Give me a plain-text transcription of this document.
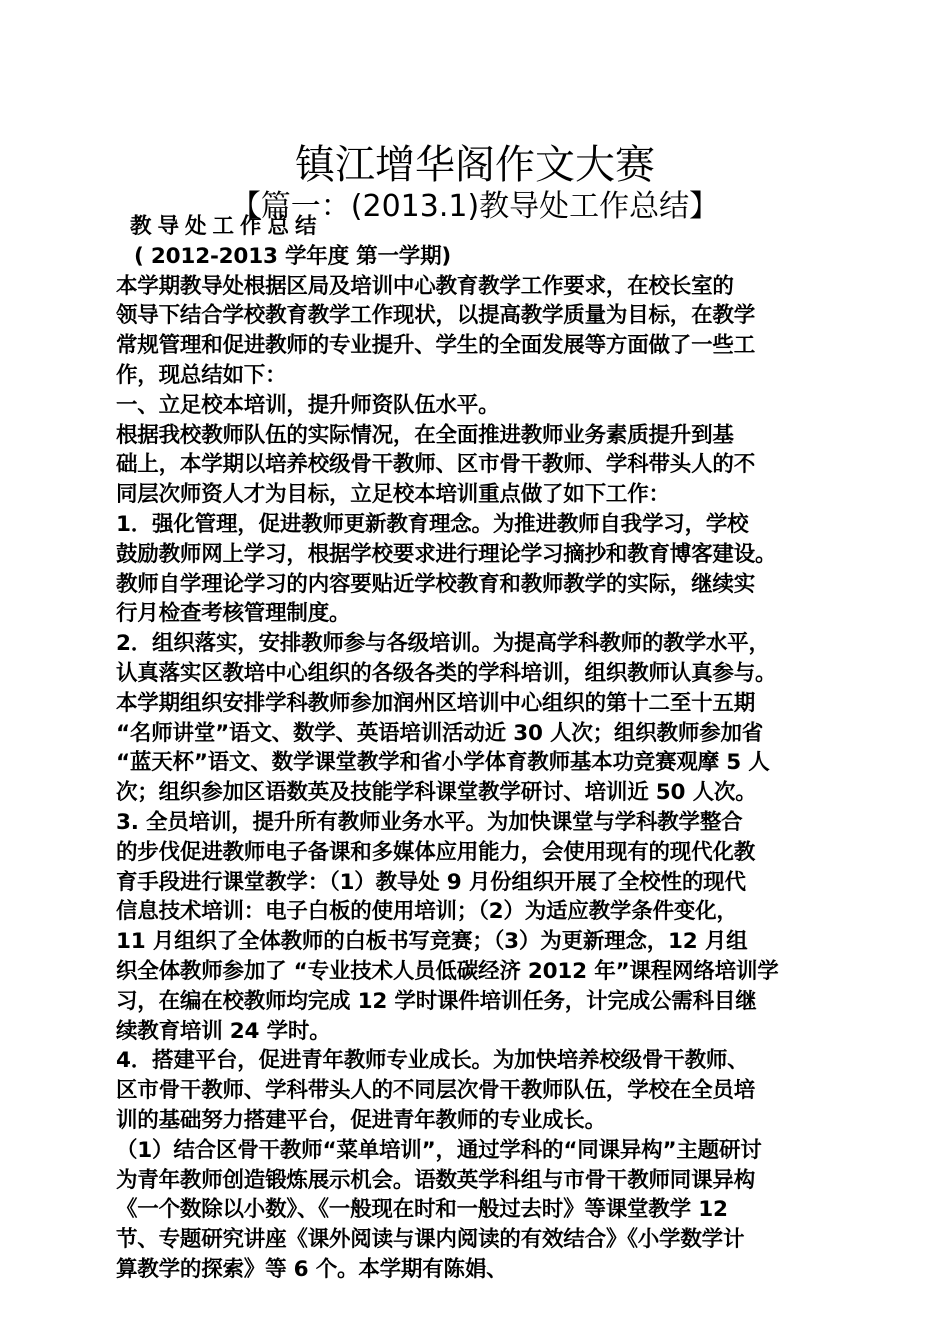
镇江增华阁作文大赛
【篇一：(2013.1)教导处工作总结】

教导处工作总结

( 2012-2013 学年度 第一学期)

本学期教导处根据区局及培训中心教育教学工作要求，在校长室的

领导下结合学校教育教学工作现状，以提高教学质量为目标，在教学

常规管理和促进教师的专业提升、学生的全面发展等方面做了一些工

作，现总结如下：

一、立足校本培训，提升师资队伍水平。

根据我校教师队伍的实际情况，在全面推进教师业务素质提升到基

础上，本学期以培养校级骨干教师、区市骨干教师、学科带头人的不

同层次师资人才为目标，立足校本培训重点做了如下工作：

1．强化管理，促进教师更新教育理念。为推进教师自我学习，学校

鼓励教师网上学习，根据学校要求进行理论学习摘抄和教育博客建设。

教师自学理论学习的内容要贴近学校教育和教师教学的实际，继续实

行月检查考核管理制度。

2．组织落实，安排教师参与各级培训。为提高学科教师的教学水平，

认真落实区教培中心组织的各级各类的学科培训，组织教师认真参与。

本学期组织安排学科教师参加润州区培训中心组织的第十二至十五期

“名师讲堂”语文、数学、英语培训活动近 30 人次；组织教师参加省

“蓝天杯”语文、数学课堂教学和省小学体育教师基本功竞赛观摩 5 人

次；组织参加区语数英及技能学科课堂教学研讨、培训近 50 人次。

3. 全员培训，提升所有教师业务水平。为加快课堂与学科教学整合

的步伐促进教师电子备课和多媒体应用能力，会使用现有的现代化教

育手段进行课堂教学：（1）教导处 9 月份组织开展了全校性的现代

信息技术培训：电子白板的使用培训；（2）为适应教学条件变化，

11 月组织了全体教师的白板书写竞赛；（3）为更新理念，12 月组

织全体教师参加了 “专业技术人员低碳经济 2012 年”课程网络培训学

习，在编在校教师均完成 12 学时课件培训任务，计完成公需科目继

续教育培训 24 学时。

4．搭建平台，促进青年教师专业成长。为加快培养校级骨干教师、

区市骨干教师、学科带头人的不同层次骨干教师队伍，学校在全员培

训的基础努力搭建平台，促进青年教师的专业成长。

（1）结合区骨干教师“菜单培训”，通过学科的“同课异构”主题研讨

为青年教师创造锻炼展示机会。语数英学科组与市骨干教师同课异构

《一个数除以小数》、《一般现在时和一般过去时》等课堂教学 12

节、专题研究讲座《课外阅读与课内阅读的有效结合》《小学数学计

算教学的探索》等 6 个。本学期有陈娟、
